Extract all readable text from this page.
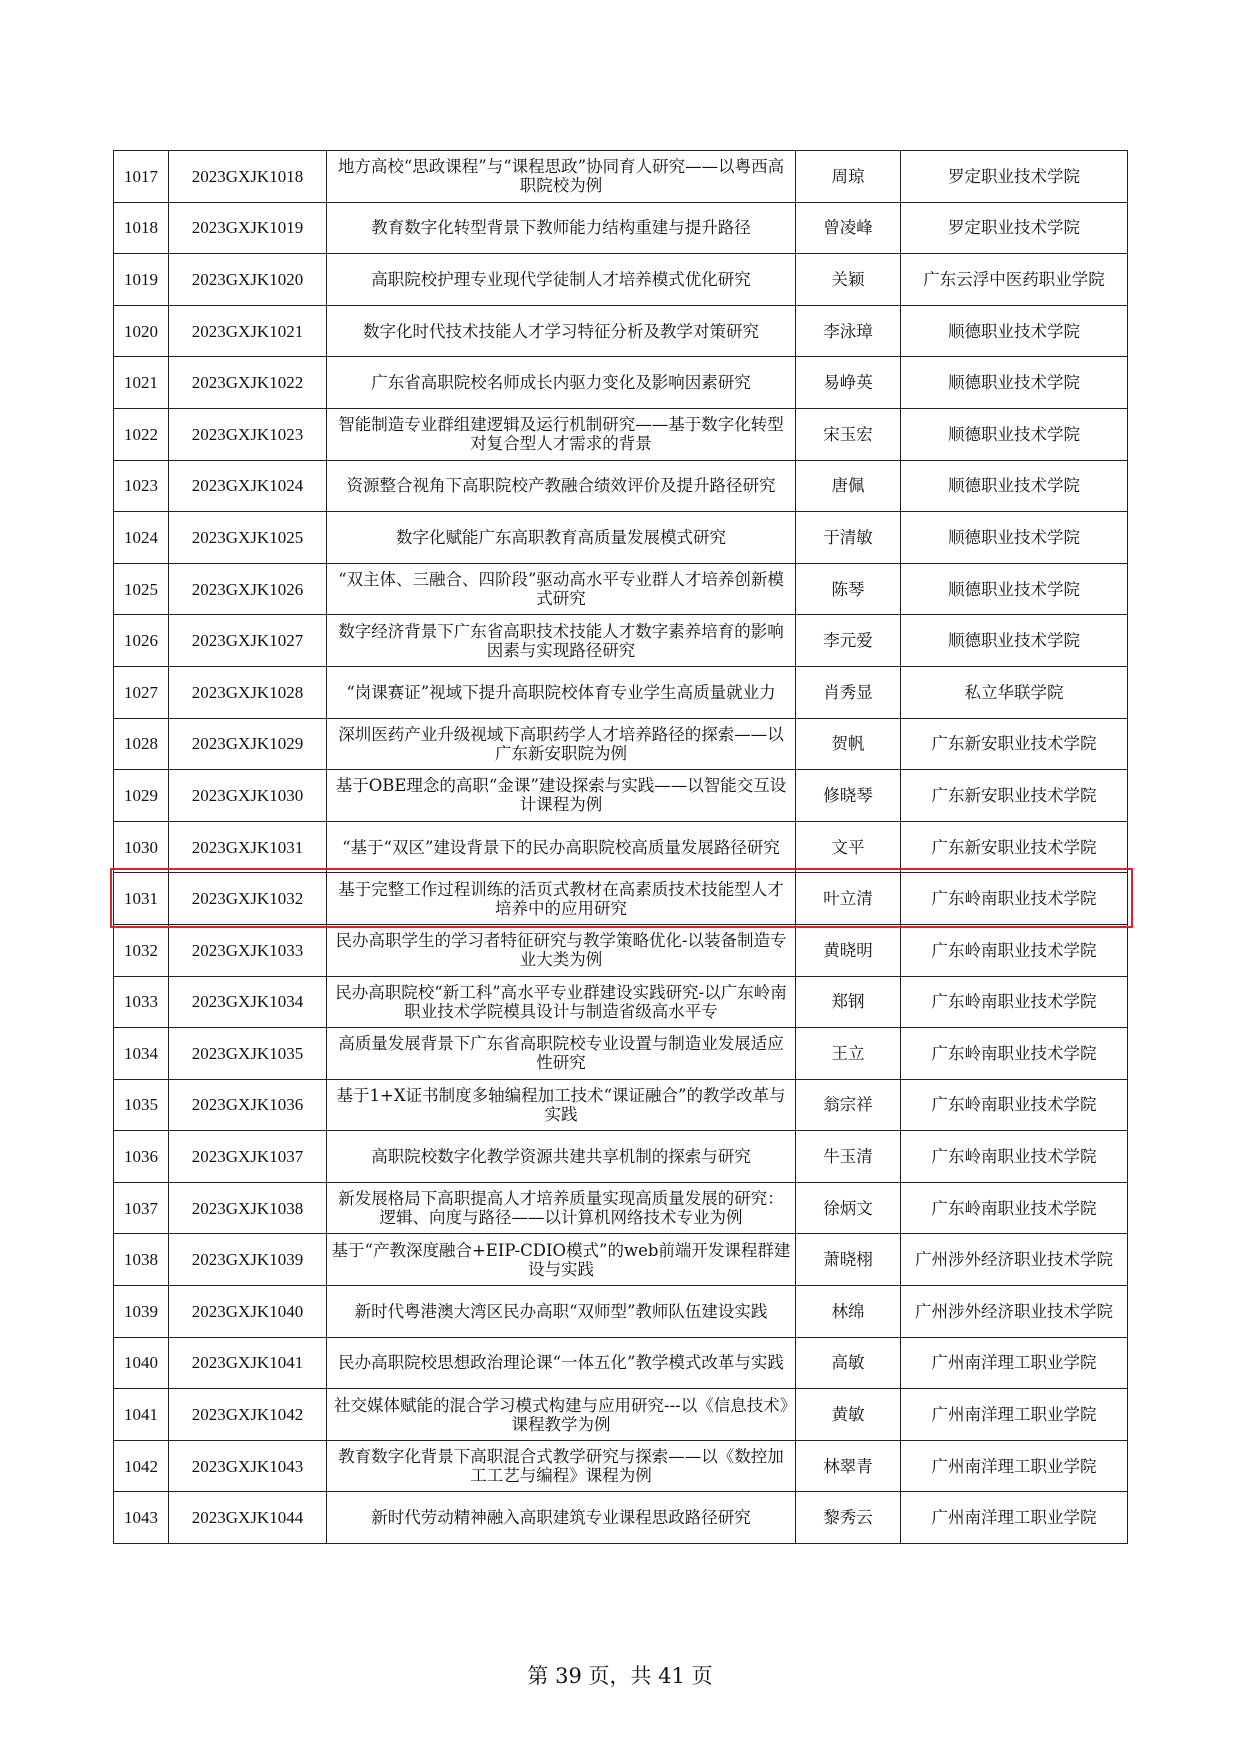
1017	2023GXJK1018	地方高校“思政课程”与“课程思政”协同育人研究——以粤西高职院校为例	周琼	罗定职业技术学院

1018	2023GXJK1019	教育数字化转型背景下教师能力结构重建与提升路径	曾凌峰	罗定职业技术学院

1019	2023GXJK1020	高职院校护理专业现代学徒制人才培养模式优化研究	关颖	广东云浮中医药职业学院

1020	2023GXJK1021	数字化时代技术技能人才学习特征分析及教学对策研究	李泳璋	顺德职业技术学院

1021	2023GXJK1022	广东省高职院校名师成长内驱力变化及影响因素研究	易峥英	顺德职业技术学院

1022	2023GXJK1023	智能制造专业群组建逻辑及运行机制研究——基于数字化转型对复合型人才需求的背景	宋玉宏	顺德职业技术学院

1023	2023GXJK1024	资源整合视角下高职院校产教融合绩效评价及提升路径研究	唐佩	顺德职业技术学院

1024	2023GXJK1025	数字化赋能广东高职教育高质量发展模式研究	于清敏	顺德职业技术学院

1025	2023GXJK1026	“双主体、三融合、四阶段”驱动高水平专业群人才培养创新模式研究	陈琴	顺德职业技术学院

1026	2023GXJK1027	数字经济背景下广东省高职技术技能人才数字素养培育的影响因素与实现路径研究	李元爱	顺德职业技术学院

1027	2023GXJK1028	“岗课赛证”视域下提升高职院校体育专业学生高质量就业力	肖秀显	私立华联学院

1028	2023GXJK1029	深圳医药产业升级视域下高职药学人才培养路径的探索——以广东新安职院为例	贺帆	广东新安职业技术学院

1029	2023GXJK1030	基于OBE理念的高职“金课”建设探索与实践——以智能交互设计课程为例	修晓琴	广东新安职业技术学院

1030	2023GXJK1031	“基于“双区”建设背景下的民办高职院校高质量发展路径研究	文平	广东新安职业技术学院

1031	2023GXJK1032	基于完整工作过程训练的活页式教材在高素质技术技能型人才培养中的应用研究	叶立清	广东岭南职业技术学院

1032	2023GXJK1033	民办高职学生的学习者特征研究与教学策略优化-以装备制造专业大类为例	黄晓明	广东岭南职业技术学院

1033	2023GXJK1034	民办高职院校“新工科”高水平专业群建设实践研究-以广东岭南职业技术学院模具设计与制造省级高水平专	郑钢	广东岭南职业技术学院

1034	2023GXJK1035	高质量发展背景下广东省高职院校专业设置与制造业发展适应性研究	王立	广东岭南职业技术学院

1035	2023GXJK1036	基于1+X证书制度多轴编程加工技术“课证融合”的教学改革与实践	翁宗祥	广东岭南职业技术学院

1036	2023GXJK1037	高职院校数字化教学资源共建共享机制的探索与研究	牛玉清	广东岭南职业技术学院

1037	2023GXJK1038	新发展格局下高职提高人才培养质量实现高质量发展的研究：逻辑、向度与路径——以计算机网络技术专业为例	徐炳文	广东岭南职业技术学院

1038	2023GXJK1039	基于“产教深度融合+EIP-CDIO模式”的web前端开发课程群建设与实践	萧晓栩	广州涉外经济职业技术学院

1039	2023GXJK1040	新时代粤港澳大湾区民办高职“双师型”教师队伍建设实践	林绵	广州涉外经济职业技术学院

1040	2023GXJK1041	民办高职院校思想政治理论课“一体五化”教学模式改革与实践	高敏	广州南洋理工职业学院

1041	2023GXJK1042	社交媒体赋能的混合学习模式构建与应用研究---以《信息技术》课程教学为例	黄敏	广州南洋理工职业学院

1042	2023GXJK1043	教育数字化背景下高职混合式教学研究与探索——以《数控加工工艺与编程》课程为例	林翠青	广州南洋理工职业学院

1043	2023GXJK1044	新时代劳动精神融入高职建筑专业课程思政路径研究	黎秀云	广州南洋理工职业学院
第 39 页，共 41 页
